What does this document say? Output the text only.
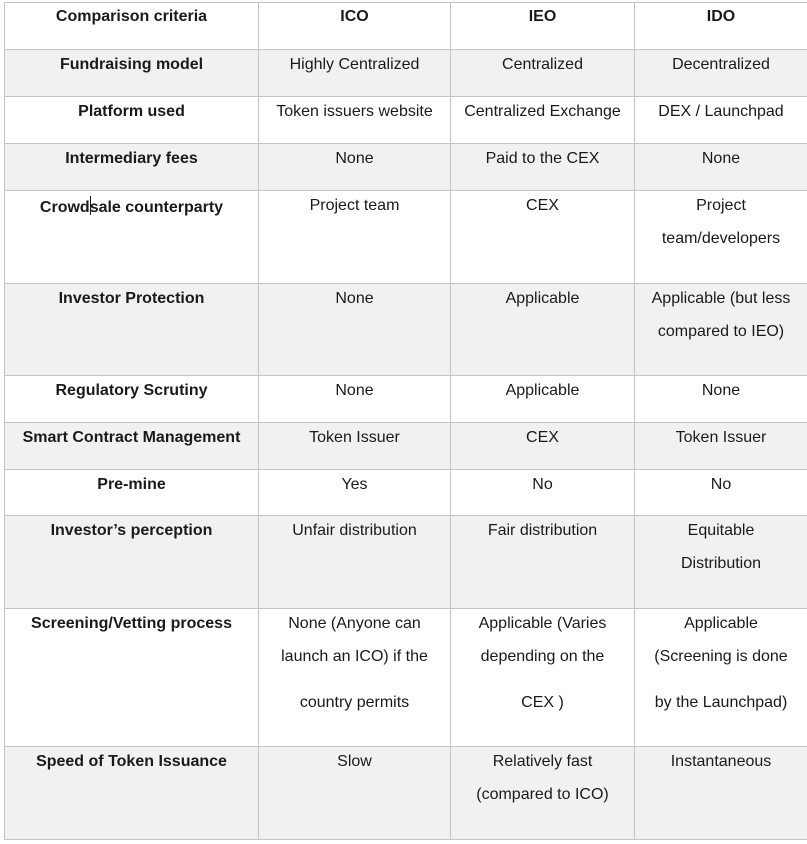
Comparison criteria	ICO	IEO	IDO
Fundraising model	Highly Centralized	Centralized	Decentralized

Platform used	Token issuers website	Centralized Exchange	DEX / Launchpad

Intermediary fees	None	Paid to the CEX	None

Crowdsale counterparty	Project team	CEX	Project
team/developers

Investor Protection	None	Applicable	Applicable (but less
compared to IEO)

Regulatory Scrutiny	None	Applicable	None

Smart Contract Management	Token Issuer	CEX	Token Issuer

Pre-mine	Yes	No	No

Investor’s perception	Unfair distribution	Fair distribution	Equitable
Distribution

Screening/Vetting process	None (Anyone can
launch an ICO) if the
country permits	Applicable (Varies
depending on the
CEX )	Applicable
(Screening is done
by the Launchpad)

Speed of Token Issuance	Slow	Relatively fast
(compared to ICO)	Instantaneous
